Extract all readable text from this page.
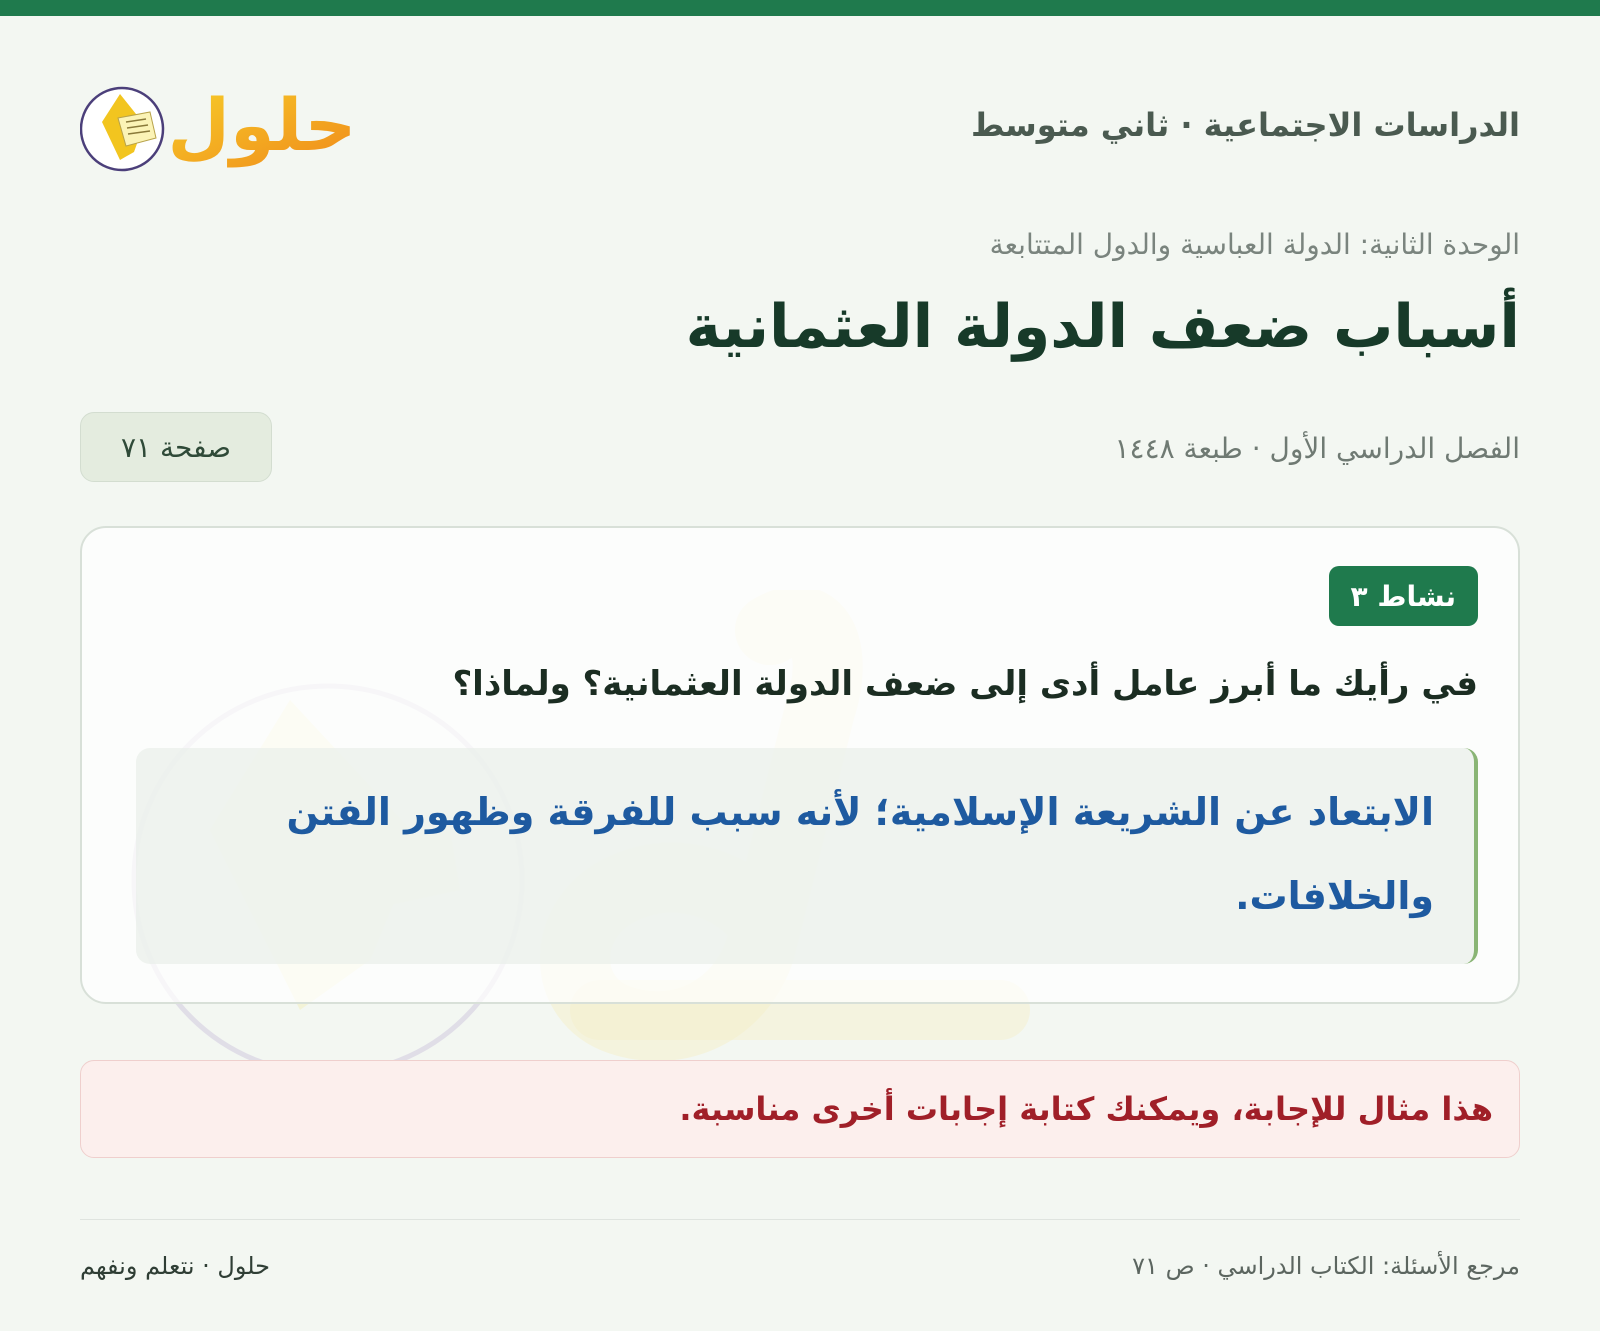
الدراسات الاجتماعية · ثاني متوسط
حلول
الوحدة الثانية: الدولة العباسية والدول المتتابعة
أسباب ضعف الدولة العثمانية
الفصل الدراسي الأول · طبعة ١٤٤٨
صفحة ٧١
نشاط ٣
في رأيك ما أبرز عامل أدى إلى ضعف الدولة العثمانية؟ ولماذا؟
الابتعاد عن الشريعة الإسلامية؛ لأنه سبب للفرقة وظهور الفتن والخلافات.
هذا مثال للإجابة، ويمكنك كتابة إجابات أخرى مناسبة.
مرجع الأسئلة: الكتاب الدراسي · ص ٧١
حلول · نتعلم ونفهم
